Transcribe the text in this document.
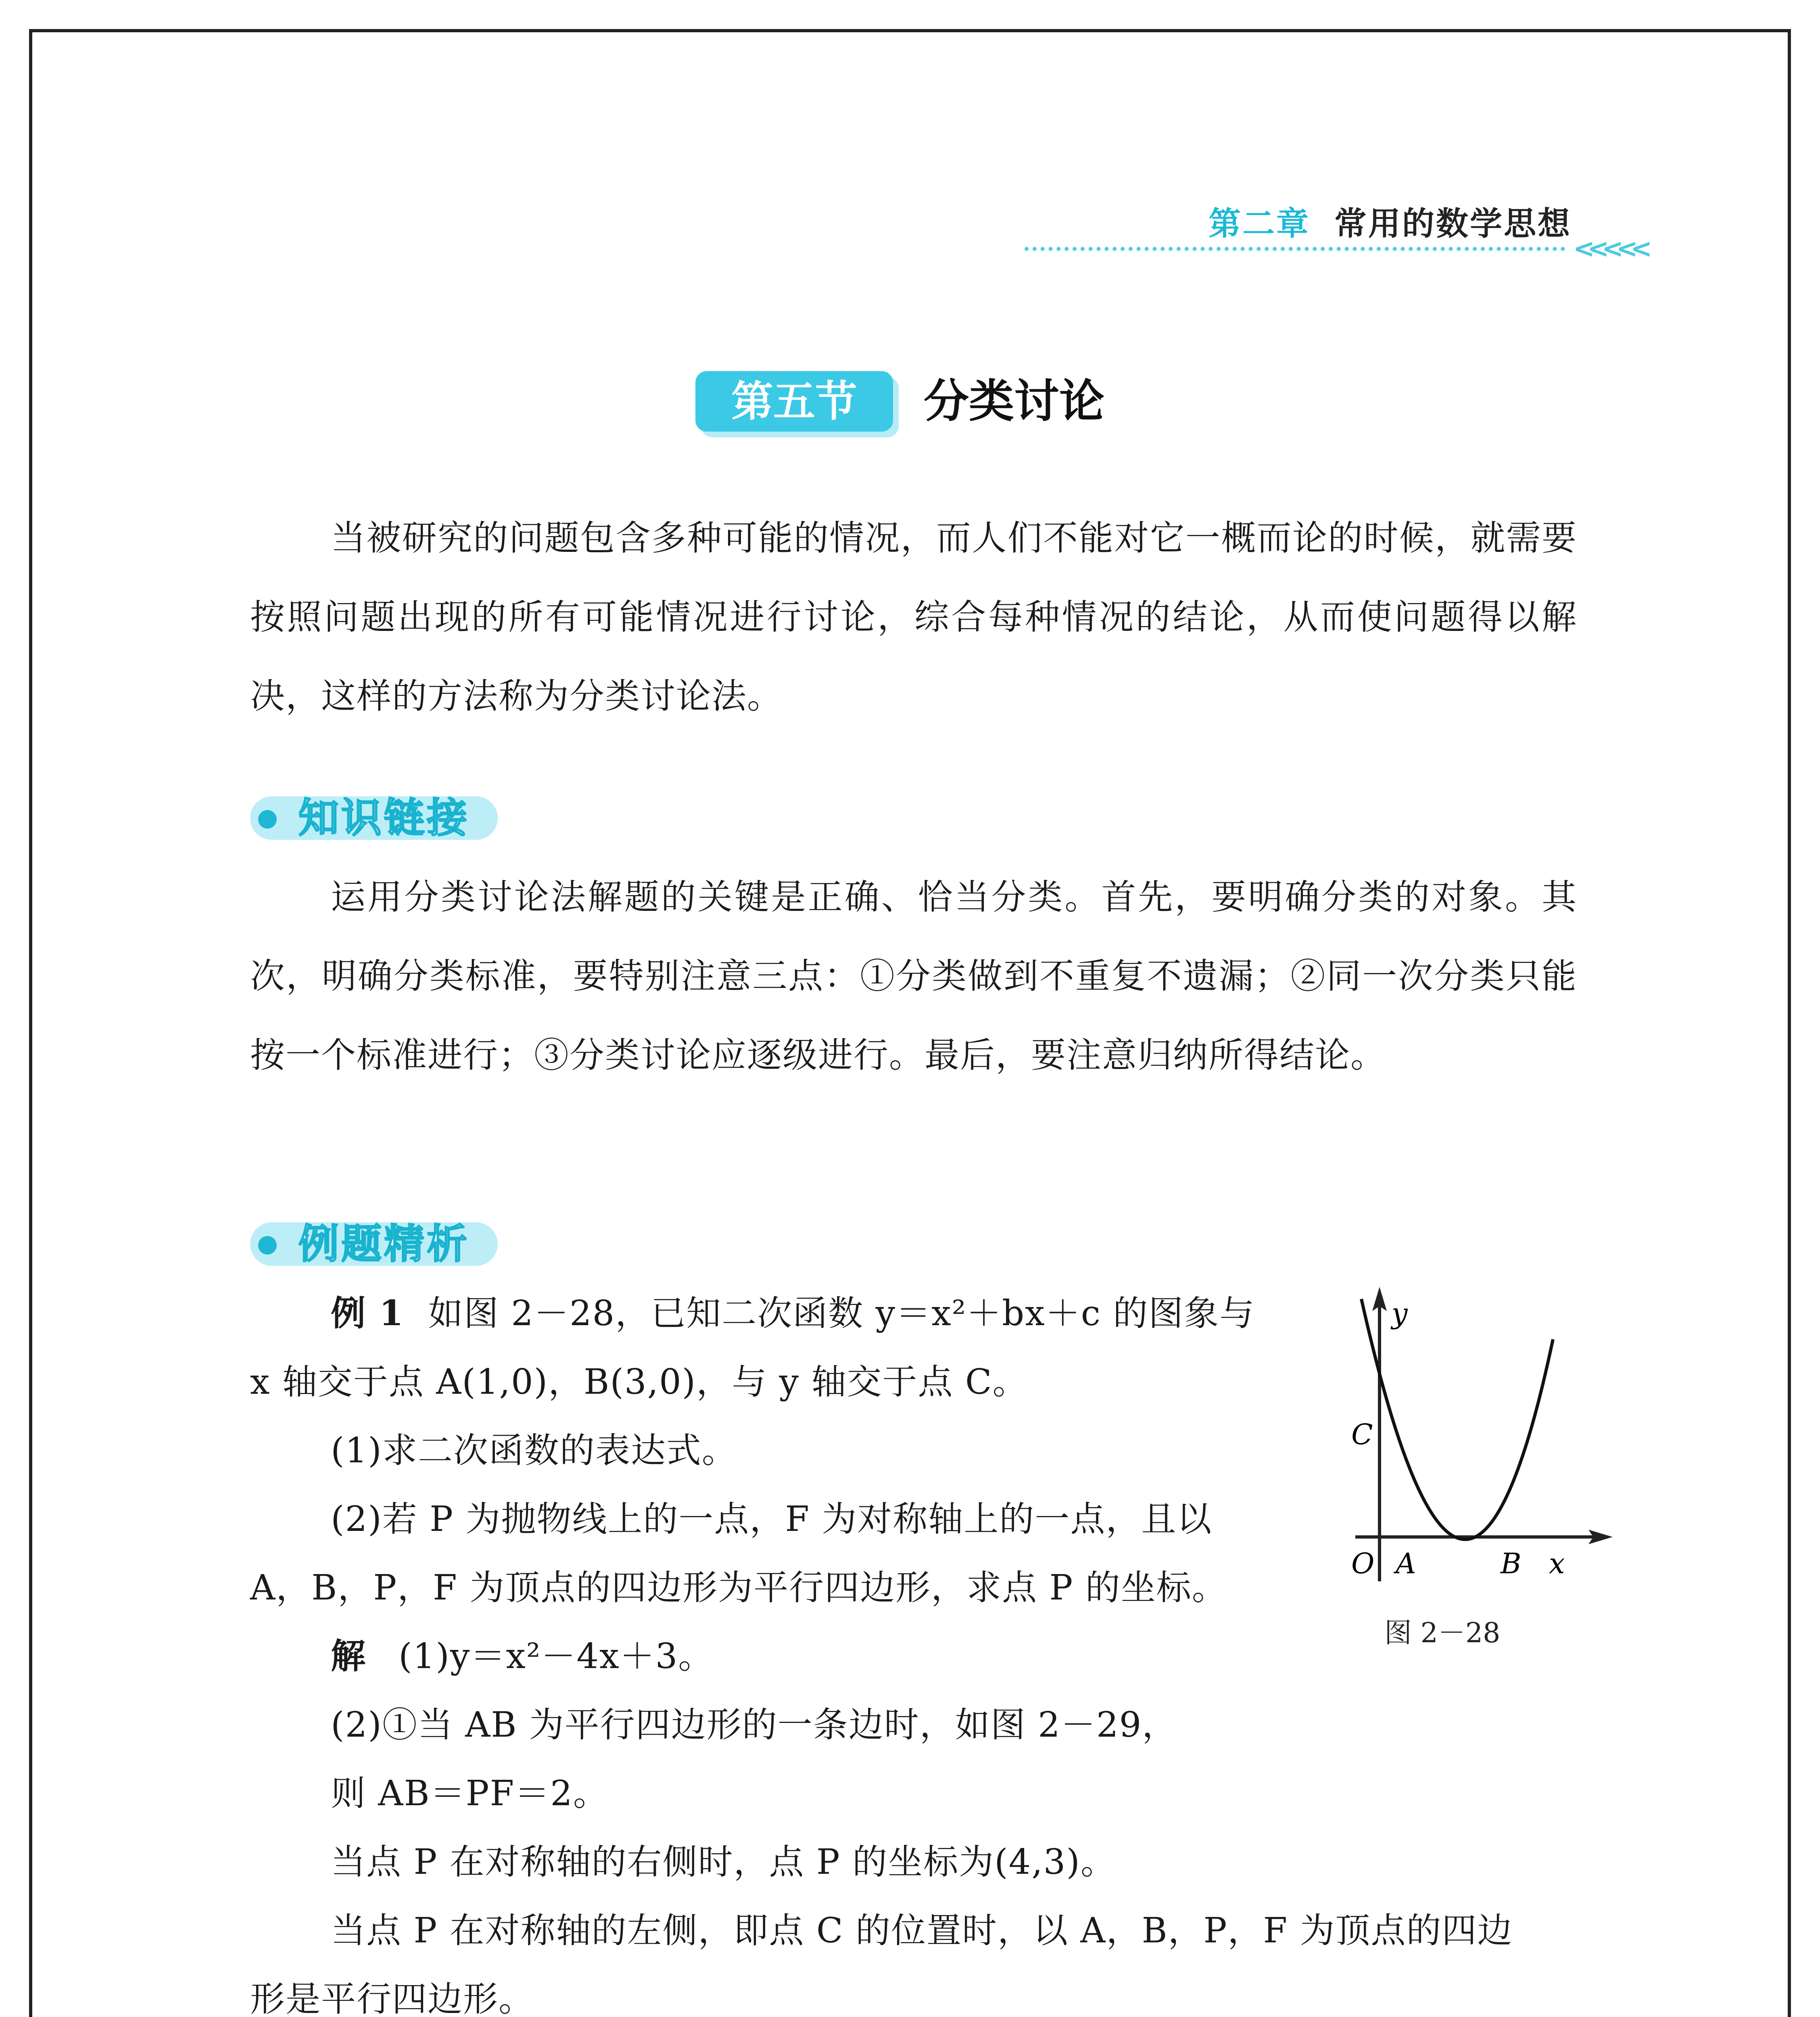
第二章 常用的数学思想
<<<<<
第五节	分类讨论
当被研究的问题包含多种可能的情况，而人们不能对它一概而论的时候，就需要按照问题出现的所有可能情况进行讨论，综合每种情况的结论，从而使问题得以解决，这样的方法称为分类讨论法。
知识链接
运用分类讨论法解题的关键是正确、恰当分类。首先，要明确分类的对象。其次，明确分类标准，要特别注意三点：①分类做到不重复不遗漏；②同一次分类只能按一个标准进行；③分类讨论应逐级进行。最后，要注意归纳所得结论。
例题精析
例 1 如图 2－28，已知二次函数 y＝x²＋bx＋c 的图象与
x 轴交于点 A(1,0)，B(3,0)，与 y 轴交于点 C。
(1)求二次函数的表达式。
(2)若 P 为抛物线上的一点，F 为对称轴上的一点，且以
A，B，P，F 为顶点的四边形为平行四边形，求点 P 的坐标。
解 (1)y＝x²－4x＋3。
(2)①当 AB 为平行四边形的一条边时，如图 2－29，
则 AB＝PF＝2。
当点 P 在对称轴的右侧时，点 P 的坐标为(4,3)。
当点 P 在对称轴的左侧，即点 C 的位置时，以 A，B，P，F 为顶点的四边
形是平行四边形。
y
C
O A	B x
图 2－28
